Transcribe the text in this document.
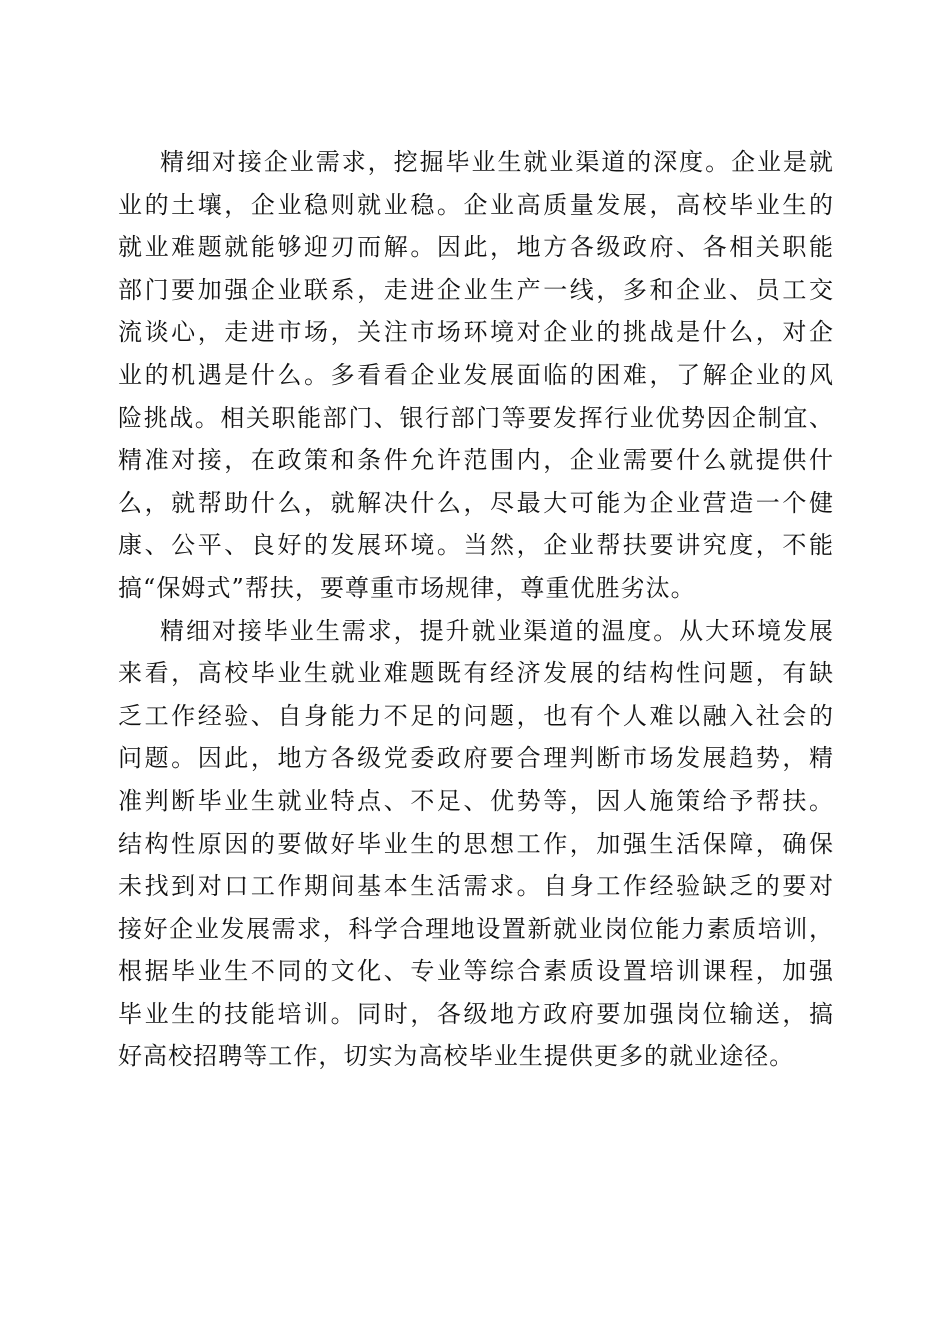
精细对接企业需求，挖掘毕业生就业渠道的深度。企业是就
业的土壤，企业稳则就业稳。企业高质量发展，高校毕业生的
就业难题就能够迎刃而解。因此，地方各级政府、各相关职能
部门要加强企业联系，走进企业生产一线，多和企业、员工交
流谈心，走进市场，关注市场环境对企业的挑战是什么，对企
业的机遇是什么。多看看企业发展面临的困难，了解企业的风
险挑战。相关职能部门、银行部门等要发挥行业优势因企制宜、
精准对接，在政策和条件允许范围内，企业需要什么就提供什
么，就帮助什么，就解决什么，尽最大可能为企业营造一个健
康、公平、良好的发展环境。当然，企业帮扶要讲究度，不能
搞“保姆式”帮扶，要尊重市场规律，尊重优胜劣汰。
精细对接毕业生需求，提升就业渠道的温度。从大环境发展
来看，高校毕业生就业难题既有经济发展的结构性问题，有缺
乏工作经验、自身能力不足的问题，也有个人难以融入社会的
问题。因此，地方各级党委政府要合理判断市场发展趋势，精
准判断毕业生就业特点、不足、优势等，因人施策给予帮扶。
结构性原因的要做好毕业生的思想工作，加强生活保障，确保
未找到对口工作期间基本生活需求。自身工作经验缺乏的要对
接好企业发展需求，科学合理地设置新就业岗位能力素质培训，
根据毕业生不同的文化、专业等综合素质设置培训课程，加强
毕业生的技能培训。同时，各级地方政府要加强岗位输送，搞
好高校招聘等工作，切实为高校毕业生提供更多的就业途径。
